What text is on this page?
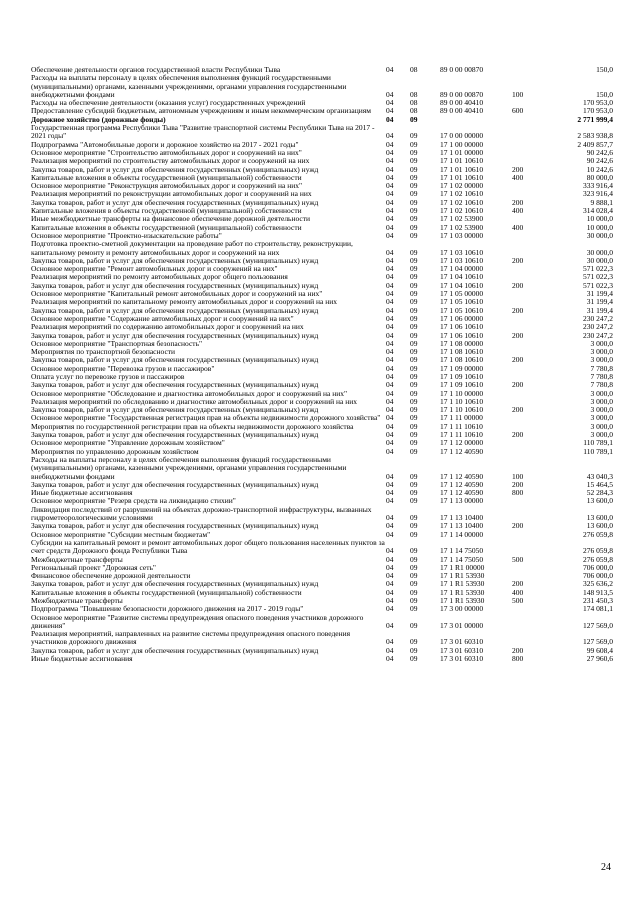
Обеспечение деятельности органов государственной власти Республики Тыва	04	08	89 0 00 00870		150,0
Расходы на выплаты персоналу в целях обеспечения выполнения функций государственными (муниципальными) органами, казенными учреждениями, органами управления государственными внебюджетными фондами	04	08	89 0 00 00870	100	150,0
Расходы на обеспечение деятельности (оказания услуг) государственных учреждений	04	08	89 0 00 40410		170 953,0
Предоставление субсидий бюджетным, автономным учреждениям и иным некоммерческим организациям	04	08	89 0 00 40410	600	170 953,0
Дорожное хозяйство (дорожные фонды)	04	09			2 771 999,4
Государственная программа Республики Тыва "Развитие транспортной системы Республики Тыва на 2017 - 2021 годы"	04	09	17 0 00 00000		2 583 938,8
Подпрограмма "Автомобильные дороги и дорожное хозяйство на 2017 - 2021 годы"	04	09	17 1 00 00000		2 409 857,7
Основное мероприятие "Строительство автомобильных дорог и сооружений на них"	04	09	17 1 01 00000		90 242,6
Реализация мероприятий по строительству автомобильных дорог и сооружений на них	04	09	17 1 01 10610		90 242,6
Закупка товаров, работ и услуг для обеспечения государственных (муниципальных) нужд	04	09	17 1 01 10610	200	10 242,6
Капитальные вложения в объекты государственной (муниципальной) собственности	04	09	17 1 01 10610	400	80 000,0
Основное мероприятие "Реконструкция автомобильных дорог и сооружений на них"	04	09	17 1 02 00000		333 916,4
Реализация мероприятий по реконструкции автомобильных дорог и сооружений на них	04	09	17 1 02 10610		323 916,4
Закупка товаров, работ и услуг для обеспечения государственных (муниципальных) нужд	04	09	17 1 02 10610	200	9 888,1
Капитальные вложения в объекты государственной (муниципальной) собственности	04	09	17 1 02 10610	400	314 028,4
Иные межбюджетные трансферты на финансовое обеспечение дорожной деятельности	04	09	17 1 02 53900		10 000,0
Капитальные вложения в объекты государственной (муниципальной) собственности	04	09	17 1 02 53900	400	10 000,0
Основное мероприятие "Проектно-изыскательские работы"	04	09	17 1 03 00000		30 000,0
Подготовка проектно-сметной документации на проведение работ по строительству, реконструкции, капитальному ремонту и ремонту автомобильных дорог и сооружений на них	04	09	17 1 03 10610		30 000,0
Закупка товаров, работ и услуг для обеспечения государственных (муниципальных) нужд	04	09	17 1 03 10610	200	30 000,0
Основное мероприятие "Ремонт автомобильных дорог и сооружений на них"	04	09	17 1 04 00000		571 022,3
Реализация мероприятий по ремонту автомобильных дорог общего пользования	04	09	17 1 04 10610		571 022,3
Закупка товаров, работ и услуг для обеспечения государственных (муниципальных) нужд	04	09	17 1 04 10610	200	571 022,3
Основное мероприятие "Капитальный ремонт автомобильных дорог и сооружений на них"	04	09	17 1 05 00000		31 199,4
Реализация мероприятий по капитальному ремонту автомобильных дорог и сооружений на них	04	09	17 1 05 10610		31 199,4
Закупка товаров, работ и услуг для обеспечения государственных (муниципальных) нужд	04	09	17 1 05 10610	200	31 199,4
Основное мероприятие "Содержание автомобильных дорог и сооружений на них"	04	09	17 1 06 00000		230 247,2
Реализация мероприятий по содержанию автомобильных дорог и сооружений на них	04	09	17 1 06 10610		230 247,2
Закупка товаров, работ и услуг для обеспечения государственных (муниципальных) нужд	04	09	17 1 06 10610	200	230 247,2
Основное мероприятие "Транспортная безопасность"	04	09	17 1 08 00000		3 000,0
Мероприятия по транспортной безопасности	04	09	17 1 08 10610		3 000,0
Закупка товаров, работ и услуг для обеспечения государственных (муниципальных) нужд	04	09	17 1 08 10610	200	3 000,0
Основное мероприятие "Перевозка грузов и пассажиров"	04	09	17 1 09 00000		7 780,8
Оплата услуг по перевозке грузов и пассажиров	04	09	17 1 09 10610		7 780,8
Закупка товаров, работ и услуг для обеспечения государственных (муниципальных) нужд	04	09	17 1 09 10610	200	7 780,8
Основное мероприятие "Обследование и диагностика автомобильных дорог и сооружений на них"	04	09	17 1 10 00000		3 000,0
Реализация мероприятий по обследованию и диагностике автомобильных дорог и сооружений на них	04	09	17 1 10 10610		3 000,0
Закупка товаров, работ и услуг для обеспечения государственных (муниципальных) нужд	04	09	17 1 10 10610	200	3 000,0
Основное мероприятие "Государственная регистрация прав на объекты недвижимости дорожного хозяйства"	04	09	17 1 11 00000		3 000,0
Мероприятия по государственной регистрации прав на объекты недвижимости дорожного хозяйства	04	09	17 1 11 10610		3 000,0
Закупка товаров, работ и услуг для обеспечения государственных (муниципальных) нужд	04	09	17 1 11 10610	200	3 000,0
Основное мероприятие "Управление дорожным хозяйством"	04	09	17 1 12 00000		110 789,1
Мероприятия по управлению дорожным хозяйством	04	09	17 1 12 40590		110 789,1
Расходы на выплаты персоналу в целях обеспечения выполнения функций государственными (муниципальными) органами, казенными учреждениями, органами управления государственными внебюджетными фондами	04	09	17 1 12 40590	100	43 040,3
Закупка товаров, работ и услуг для обеспечения государственных (муниципальных) нужд	04	09	17 1 12 40590	200	15 464,5
Иные бюджетные ассигнования	04	09	17 1 12 40590	800	52 284,3
Основное мероприятие "Резерв средств на ликвидацию стихии"	04	09	17 1 13 00000		13 600,0
Ликвидация последствий от разрушений на объектах дорожно-транспортной инфраструктуры, вызванных гидрометеорологическими условиями	04	09	17 1 13 10400		13 600,0
Закупка товаров, работ и услуг для обеспечения государственных (муниципальных) нужд	04	09	17 1 13 10400	200	13 600,0
Основное мероприятие "Субсидии местным бюджетам"	04	09	17 1 14 00000		276 059,8
Субсидии на капитальный ремонт и ремонт автомобильных дорог общего пользования населенных пунктов за счет средств Дорожного фонда Республики Тыва	04	09	17 1 14 75050		276 059,8
Межбюджетные трансферты	04	09	17 1 14 75050	500	276 059,8
Региональный проект "Дорожная сеть"	04	09	17 1 R1 00000		706 000,0
Финансовое обеспечение дорожной деятельности	04	09	17 1 R1 53930		706 000,0
Закупка товаров, работ и услуг для обеспечения государственных (муниципальных) нужд	04	09	17 1 R1 53930	200	325 636,2
Капитальные вложения в объекты государственной (муниципальной) собственности	04	09	17 1 R1 53930	400	148 913,5
Межбюджетные трансферты	04	09	17 1 R1 53930	500	231 450,3
Подпрограмма "Повышение безопасности дорожного движения на 2017 - 2019 годы"	04	09	17 3 00 00000		174 081,1
Основное мероприятие "Развитие системы предупреждения опасного поведения участников дорожного движения"	04	09	17 3 01 00000		127 569,0
Реализация мероприятий, направленных на развитие системы предупреждения опасного поведения участников дорожного движения	04	09	17 3 01 60310		127 569,0
Закупка товаров, работ и услуг для обеспечения государственных (муниципальных) нужд	04	09	17 3 01 60310	200	99 608,4
Иные бюджетные ассигнования	04	09	17 3 01 60310	800	27 960,6
24
